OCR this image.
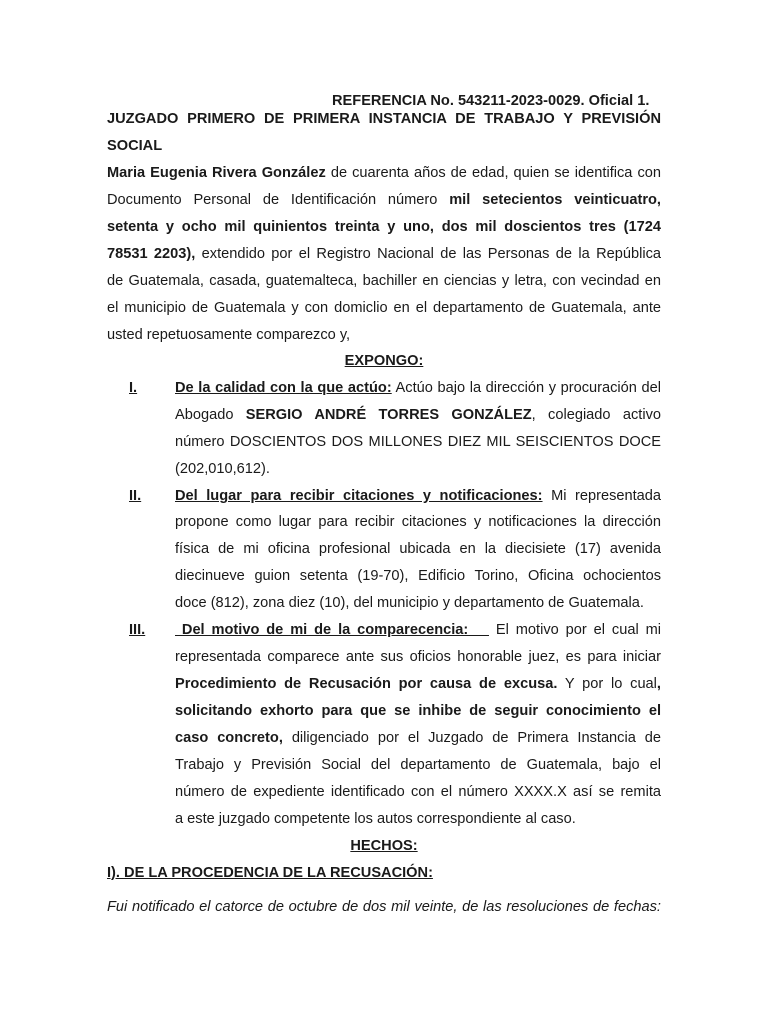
REFERENCIA No. 543211-2023-0029. Oficial 1.
JUZGADO PRIMERO DE PRIMERA INSTANCIA DE TRABAJO Y PREVISIÓN
SOCIAL
Maria Eugenia Rivera González de cuarenta años de edad, quien se identifica con
Documento Personal de Identificación número mil setecientos veinticuatro,
setenta y ocho mil quinientos treinta y uno, dos mil doscientos tres (1724
78531 2203), extendido por el Registro Nacional de las Personas de la República
de Guatemala, casada, guatemalteca, bachiller en ciencias y letra, con vecindad en
el municipio de Guatemala y con domiclio en el departamento de Guatemala, ante
usted repetuosamente comparezco y,
EXPONGO:
I.	De la calidad con la que actúo: Actúo bajo la dirección y procuración del
Abogado SERGIO ANDRÉ TORRES GONZÁLEZ, colegiado activo
número DOSCIENTOS DOS MILLONES DIEZ MIL SEISCIENTOS DOCE
(202,010,612).
II. Del lugar para recibir citaciones y notificaciones: Mi representada
propone como lugar para recibir citaciones y notificaciones la dirección
física de mi oficina profesional ubicada en la diecisiete (17) avenida
diecinueve guion setenta (19-70), Edificio Torino, Oficina ochocientos
doce (812), zona diez (10), del municipio y departamento de Guatemala.
III. Del motivo de mi de la comparecencia:    El motivo por el cual mi
representada comparece ante sus oficios honorable juez, es para iniciar
Procedimiento de Recusación por causa de excusa. Y por lo cual,
solicitando exhorto para que se inhibe de seguir conocimiento el
caso concreto, diligenciado por el Juzgado de Primera Instancia de
Trabajo y Previsión Social del departamento de Guatemala, bajo el
número de expediente identificado con el número XXXX.X así se remita
a este juzgado competente los autos correspondiente al caso.
HECHOS:
I). DE LA PROCEDENCIA DE LA RECUSACIÓN:
Fui notificado el catorce de octubre de dos mil veinte, de las resoluciones de fechas:
